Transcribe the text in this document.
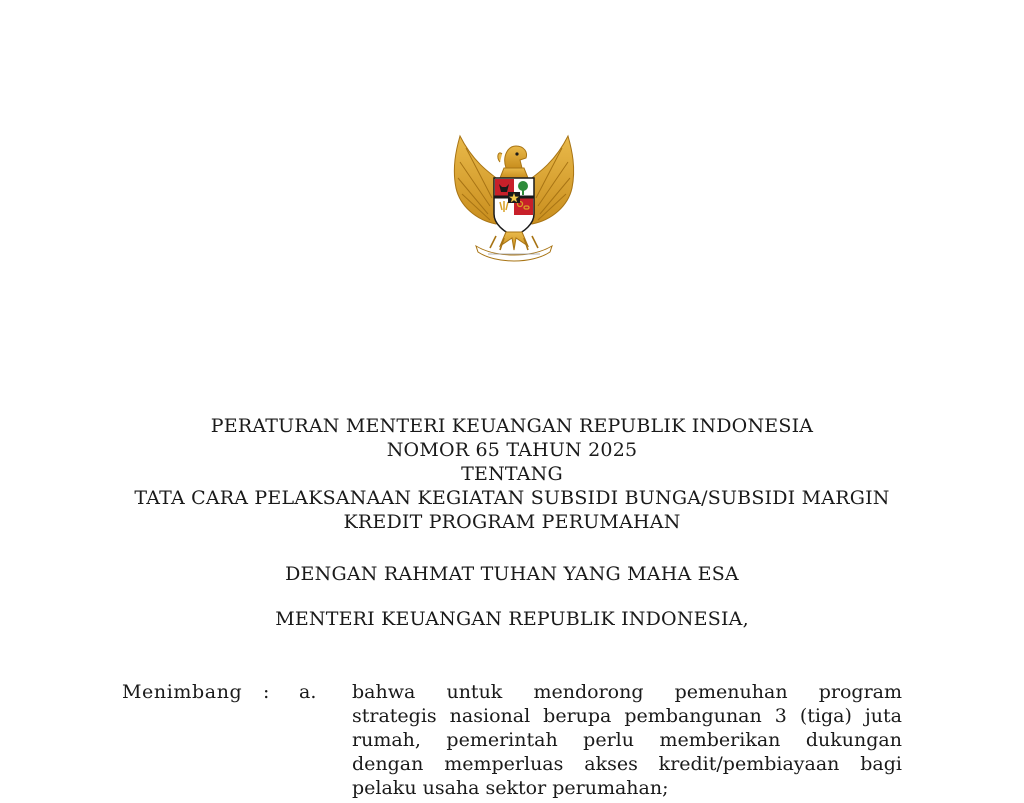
PERATURAN MENTERI KEUANGAN REPUBLIK INDONESIA
NOMOR 65 TAHUN 2025
TENTANG
TATA CARA PELAKSANAAN KEGIATAN SUBSIDI BUNGA/SUBSIDI MARGIN
KREDIT PROGRAM PERUMAHAN
DENGAN RAHMAT TUHAN YANG MAHA ESA
MENTERI KEUANGAN REPUBLIK INDONESIA,
Menimbang : a. bahwa untuk mendorong pemenuhan program
strategis nasional berupa pembangunan 3 (tiga) juta
rumah, pemerintah perlu memberikan dukungan
dengan memperluas akses kredit/pembiayaan bagi
pelaku usaha sektor perumahan;
